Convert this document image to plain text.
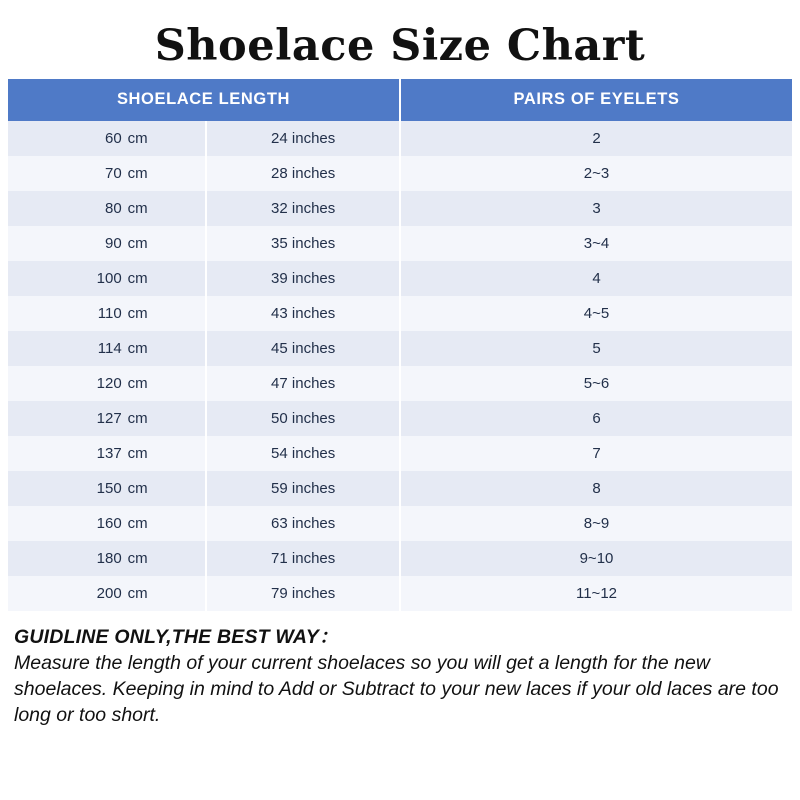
Shoelace Size Chart
SHOELACE LENGTH		PAIRS OF EYELETS
60 cm	24 inches	2
70 cm	28 inches	2~3
80 cm	32 inches	3
90 cm	35 inches	3~4
100 cm	39 inches	4
110 cm	43 inches	4~5
114 cm	45 inches	5
120 cm	47 inches	5~6
127 cm	50 inches	6
137 cm	54 inches	7
150 cm	59 inches	8
160 cm	63 inches	8~9
180 cm	71 inches	9~10
200 cm	79 inches	11~12
GUIDLINE ONLY,THE BEST WAY：
Measure the length of your current shoelaces so you will get a length for the new shoelaces. Keeping in mind to Add or Subtract to your new laces if your old laces are too long or too short.
